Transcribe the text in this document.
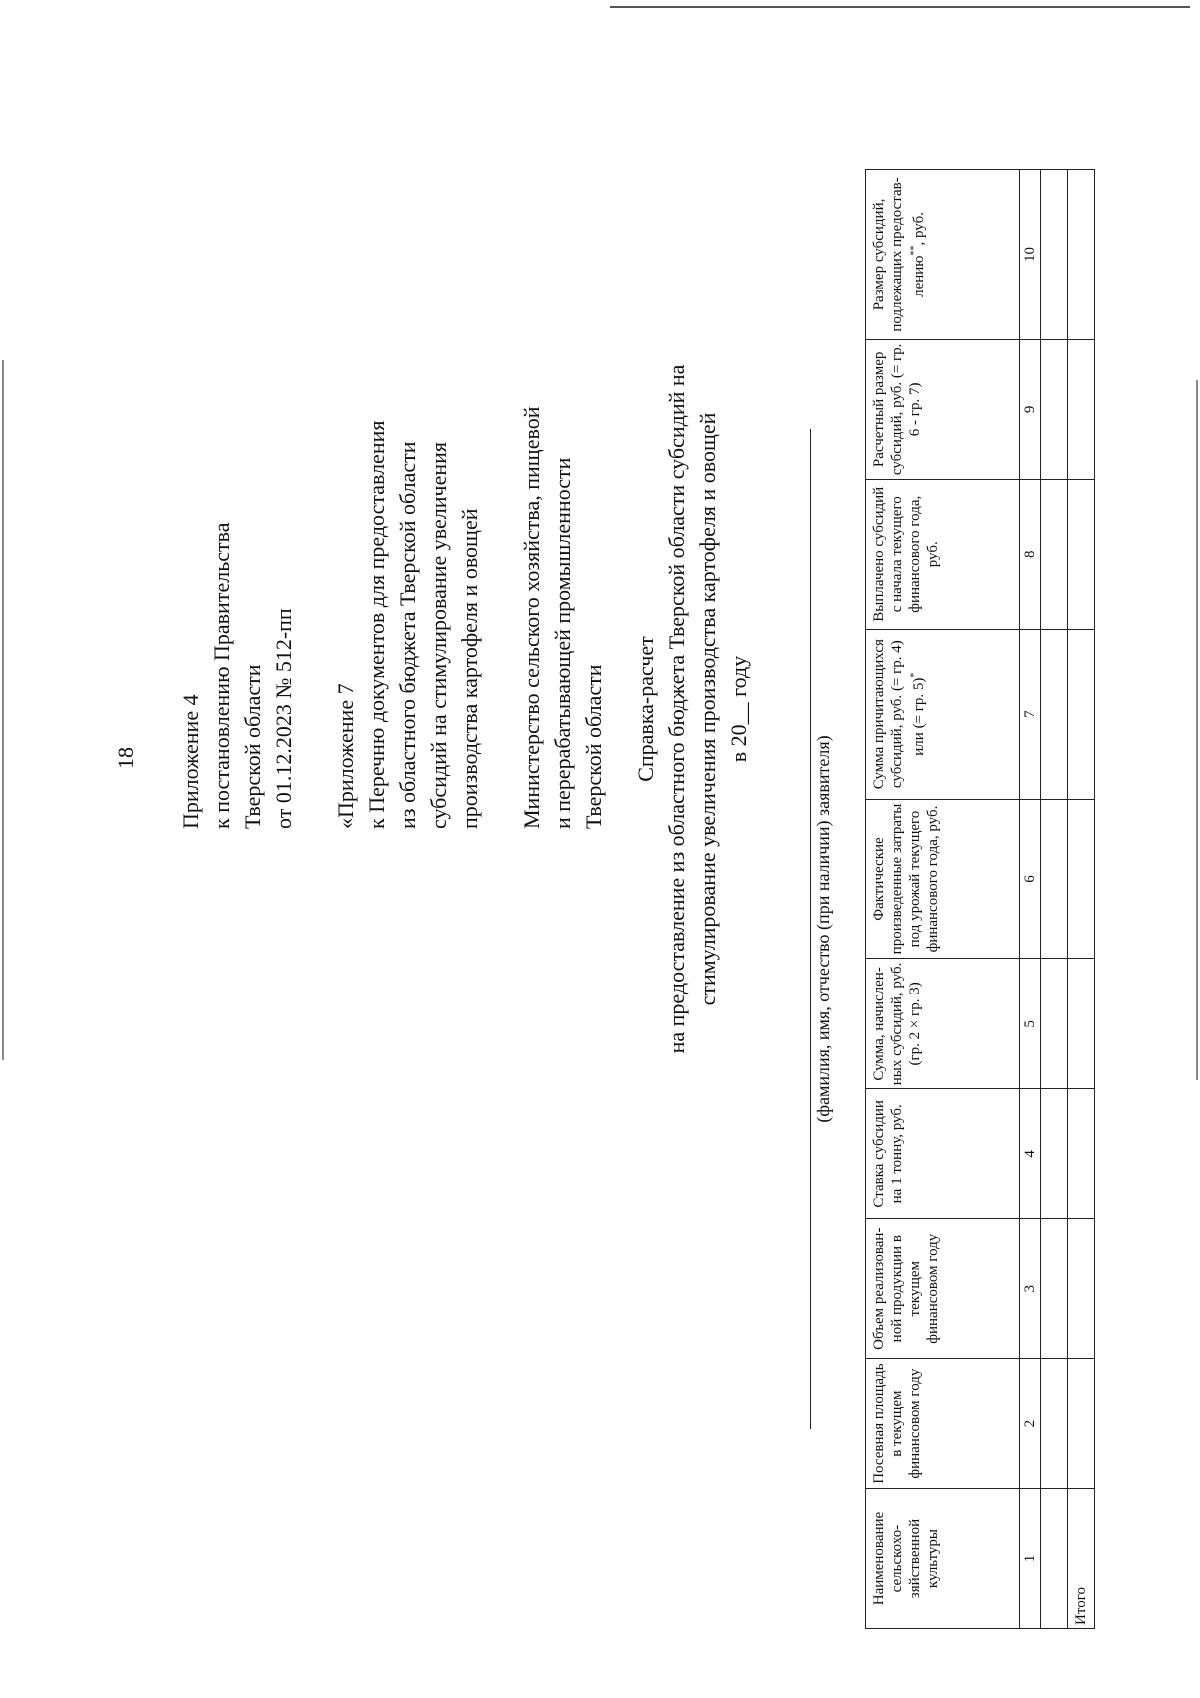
18 Приложение 4 к постановлению Правительства Тверской области от 01.12.2023 № 512-пп «Приложение 7 к Перечню документов для предоставления из областного бюджета Тверской области субсидий на стимулирование увеличения производства картофеля и овощей Министерство сельского хозяйства, пищевой и перерабатывающей промышленности Тверской области Справка-расчет на предоставление из областного бюджета Тверской области субсидий на стимулирование увеличения производства картофеля и овощей в 20__ году
(фамилия, имя, отчество (при наличии) заявителя)
Наименование сельскохо-зяйственной культуры	Посевная площадь в текущем финансовом году	Объем реализован-ной продукции в текущем финансовом году	Ставка субсидии на 1 тонну, руб.	Сумма, начислен-ных субсидий, руб. (гр. 2 × гр. 3)	Фактические произведенные затраты под урожай текущего финансового года, руб.	Сумма причитающихся субсидий, руб. (= гр. 4) или (= гр. 5)*	Выплачено субсидий с начала текущего финансового года, руб.	Расчетный размер субсидий, руб. (= гр. 6 - гр. 7)	Размер субсидий, подлежащих предостав-лению**, руб.
1	2	3	4	5	6	7	8	9	10

Итого									
